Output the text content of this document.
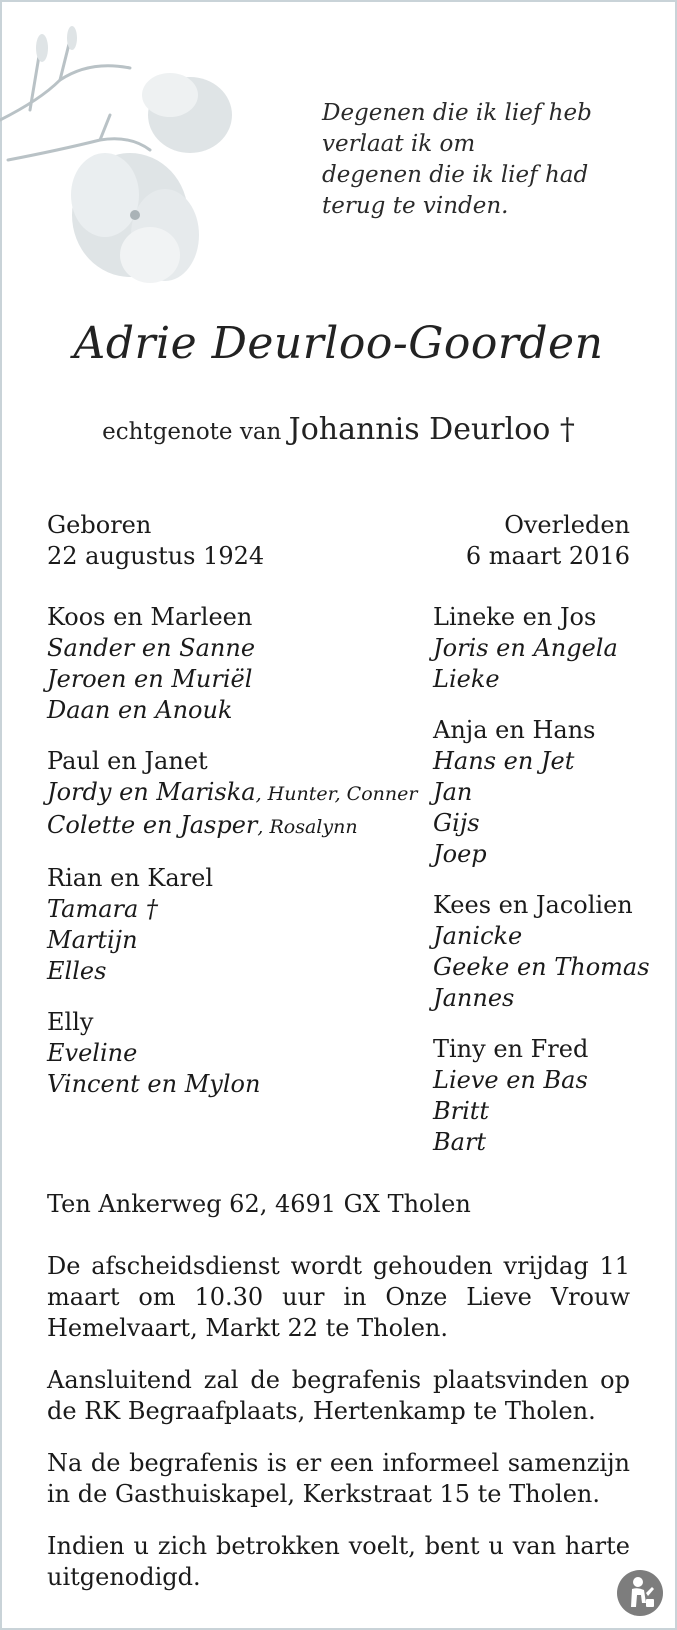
Degenen die ik lief heb
verlaat ik om
degenen die ik lief had
terug te vinden.
Adrie Deurloo-Goorden
echtgenote van Johannis Deurloo †
Geboren
22 augustus 1924
Overleden
6 maart 2016
Koos en Marleen
Sander en Sanne
Jeroen en Muriël
Daan en Anouk
Paul en Janet
Jordy en Mariska, Hunter, Conner
Colette en Jasper, Rosalynn
Rian en Karel
Tamara †
Martijn
Elles
Elly
Eveline
Vincent en Mylon
Lineke en Jos
Joris en Angela
Lieke
Anja en Hans
Hans en Jet
Jan
Gijs
Joep
Kees en Jacolien
Janicke
Geeke en Thomas
Jannes
Tiny en Fred
Lieve en Bas
Britt
Bart
Ten Ankerweg 62, 4691 GX Tholen
De afscheidsdienst wordt gehouden vrijdag 11 maart om 10.30 uur in Onze Lieve Vrouw Hemelvaart, Markt 22 te Tholen.
Aansluitend zal de begrafenis plaatsvinden op de RK Begraafplaats, Hertenkamp te Tholen.
Na de begrafenis is er een informeel samenzijn in de Gasthuiskapel, Kerkstraat 15 te Tholen.
Indien u zich betrokken voelt, bent u van harte uitgenodigd.
